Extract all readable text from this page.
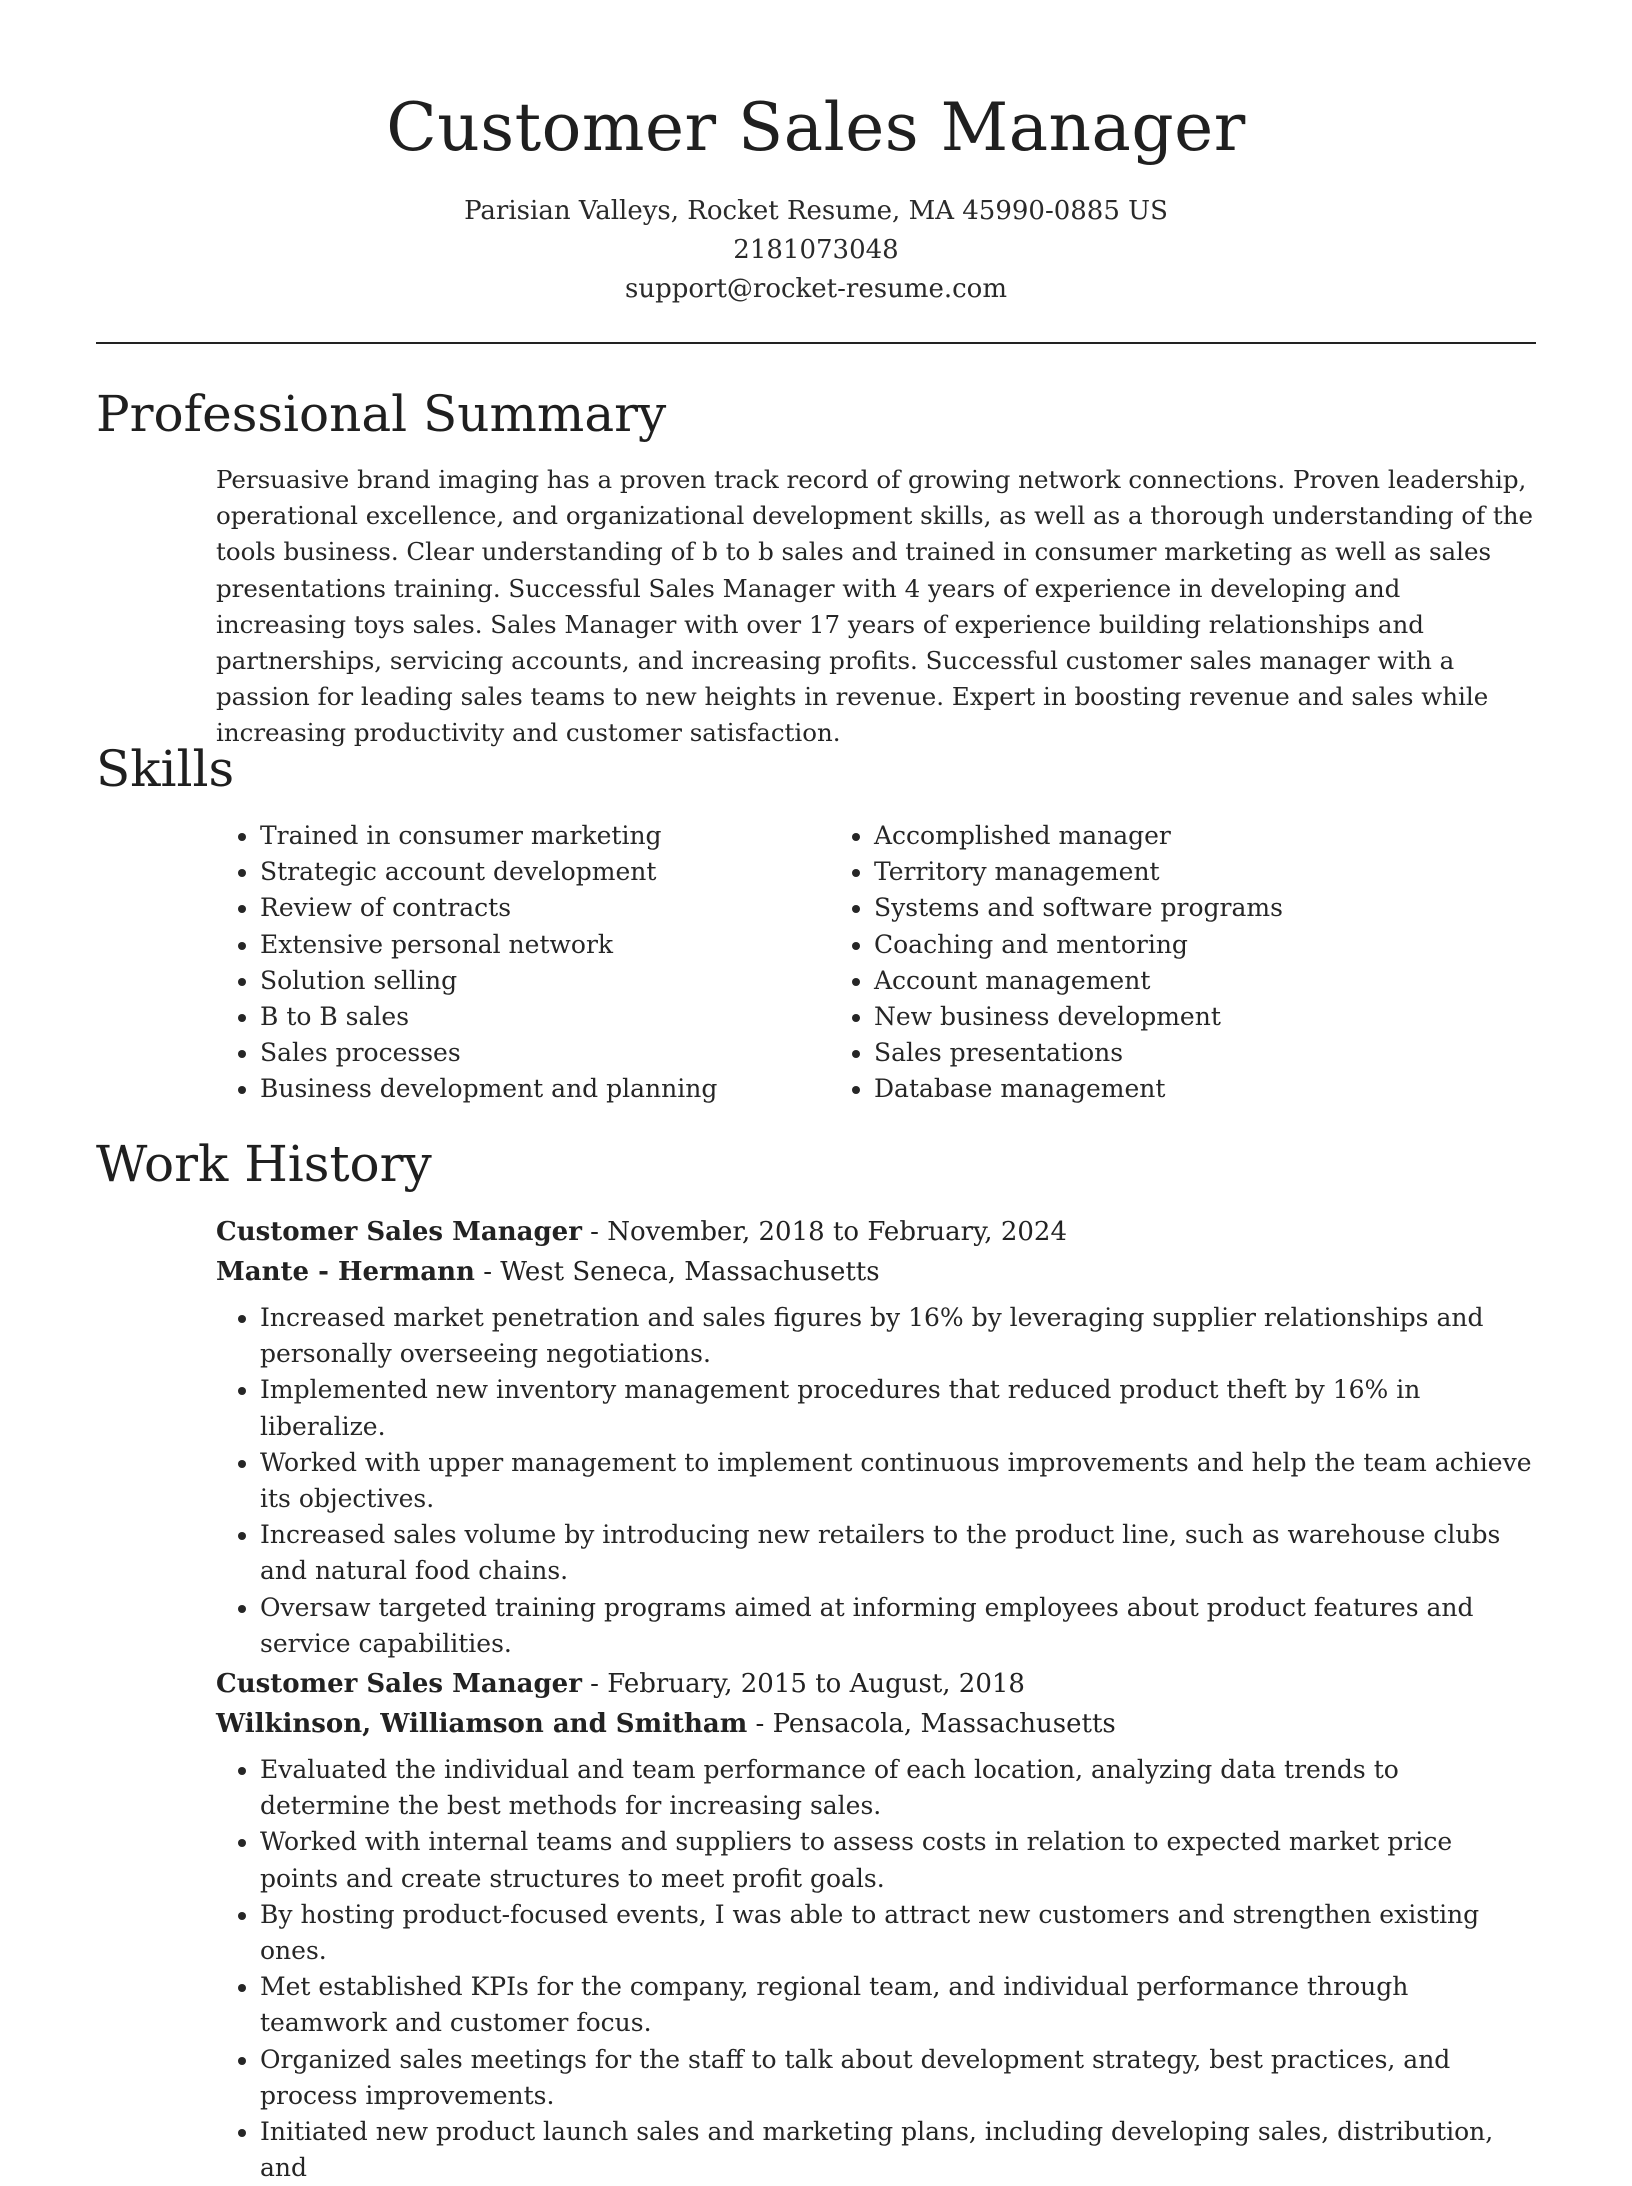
Customer Sales Manager
Parisian Valleys, Rocket Resume, MA 45990-0885 US
2181073048
support@rocket-resume.com
Professional Summary

Persuasive brand imaging has a proven track record of growing network connections. Proven leadership, operational excellence, and organizational development skills, as well as a thorough understanding of the tools business. Clear understanding of b to b sales and trained in consumer marketing as well as sales presentations training. Successful Sales Manager with 4 years of experience in developing and increasing toys sales. Sales Manager with over 17 years of experience building relationships and partnerships, servicing accounts, and increasing profits. Successful customer sales manager with a passion for leading sales teams to new heights in revenue. Expert in boosting revenue and sales while increasing productivity and customer satisfaction.

Skills
• Trained in consumer marketing
• Strategic account development
• Review of contracts
• Extensive personal network
• Solution selling
• B to B sales
• Sales processes
• Business development and planning
• Accomplished manager
• Territory management
• Systems and software programs
• Coaching and mentoring
• Account management
• New business development
• Sales presentations
• Database management
Work History
Customer Sales Manager - November, 2018 to February, 2024
Mante - Hermann - West Seneca, Massachusetts
• Increased market penetration and sales figures by 16% by leveraging supplier relationships and personally overseeing negotiations.
• Implemented new inventory management procedures that reduced product theft by 16% in liberalize.
• Worked with upper management to implement continuous improvements and help the team achieve its objectives.
• Increased sales volume by introducing new retailers to the product line, such as warehouse clubs and natural food chains.
• Oversaw targeted training programs aimed at informing employees about product features and service capabilities.
Customer Sales Manager - February, 2015 to August, 2018
Wilkinson, Williamson and Smitham - Pensacola, Massachusetts
• Evaluated the individual and team performance of each location, analyzing data trends to determine the best methods for increasing sales.
• Worked with internal teams and suppliers to assess costs in relation to expected market price points and create structures to meet profit goals.
• By hosting product-focused events, I was able to attract new customers and strengthen existing ones.
• Met established KPIs for the company, regional team, and individual performance through teamwork and customer focus.
• Organized sales meetings for the staff to talk about development strategy, best practices, and process improvements.
• Initiated new product launch sales and marketing plans, including developing sales, distribution, and
